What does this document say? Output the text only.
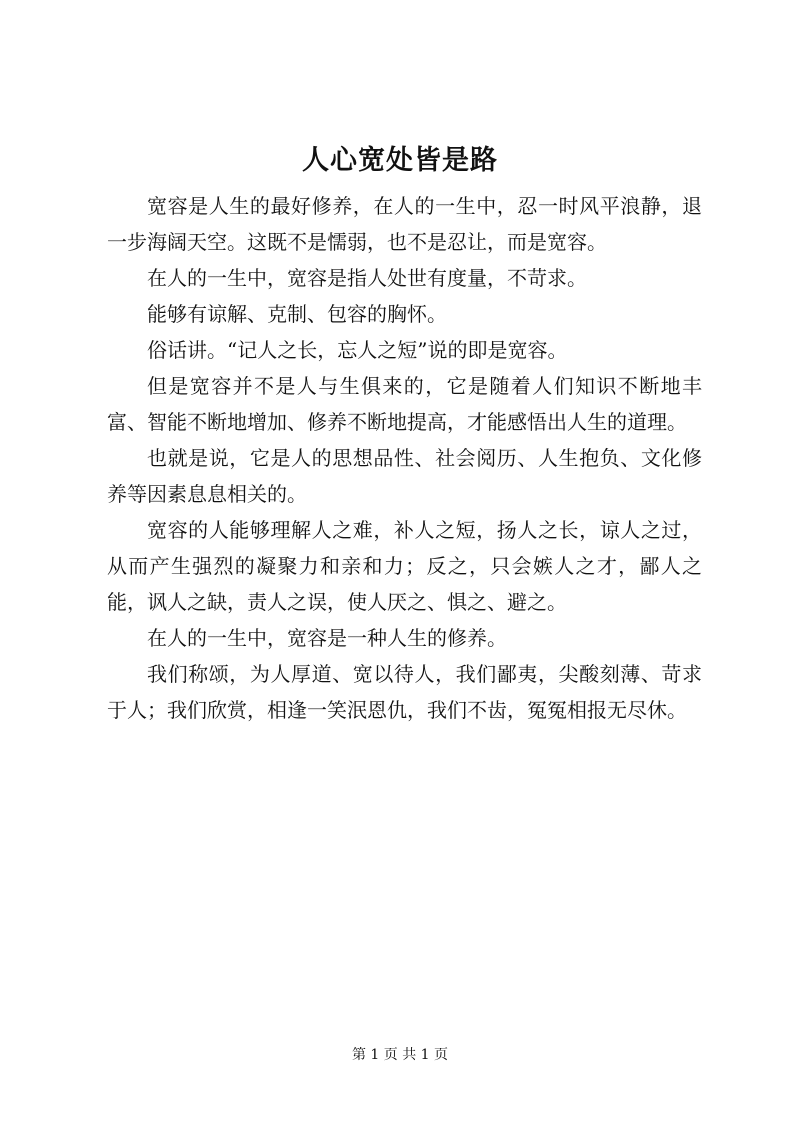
人心宽处皆是路

宽容是人生的最好修养，在人的一生中，忍一时风平浪静，退一步海阔天空。这既不是懦弱，也不是忍让，而是宽容。

在人的一生中，宽容是指人处世有度量，不苛求。

能够有谅解、克制、包容的胸怀。

俗话讲。“记人之长，忘人之短”说的即是宽容。

但是宽容并不是人与生俱来的，它是随着人们知识不断地丰富、智能不断地增加、修养不断地提高，才能感悟出人生的道理。

也就是说，它是人的思想品性、社会阅历、人生抱负、文化修养等因素息息相关的。

宽容的人能够理解人之难，补人之短，扬人之长，谅人之过，从而产生强烈的凝聚力和亲和力；反之，只会嫉人之才，鄙人之能，讽人之缺，责人之误，使人厌之、惧之、避之。

在人的一生中，宽容是一种人生的修养。

我们称颂，为人厚道、宽以待人，我们鄙夷，尖酸刻薄、苛求于人；我们欣赏，相逢一笑泯恩仇，我们不齿，冤冤相报无尽休。

第 1 页 共 1 页
